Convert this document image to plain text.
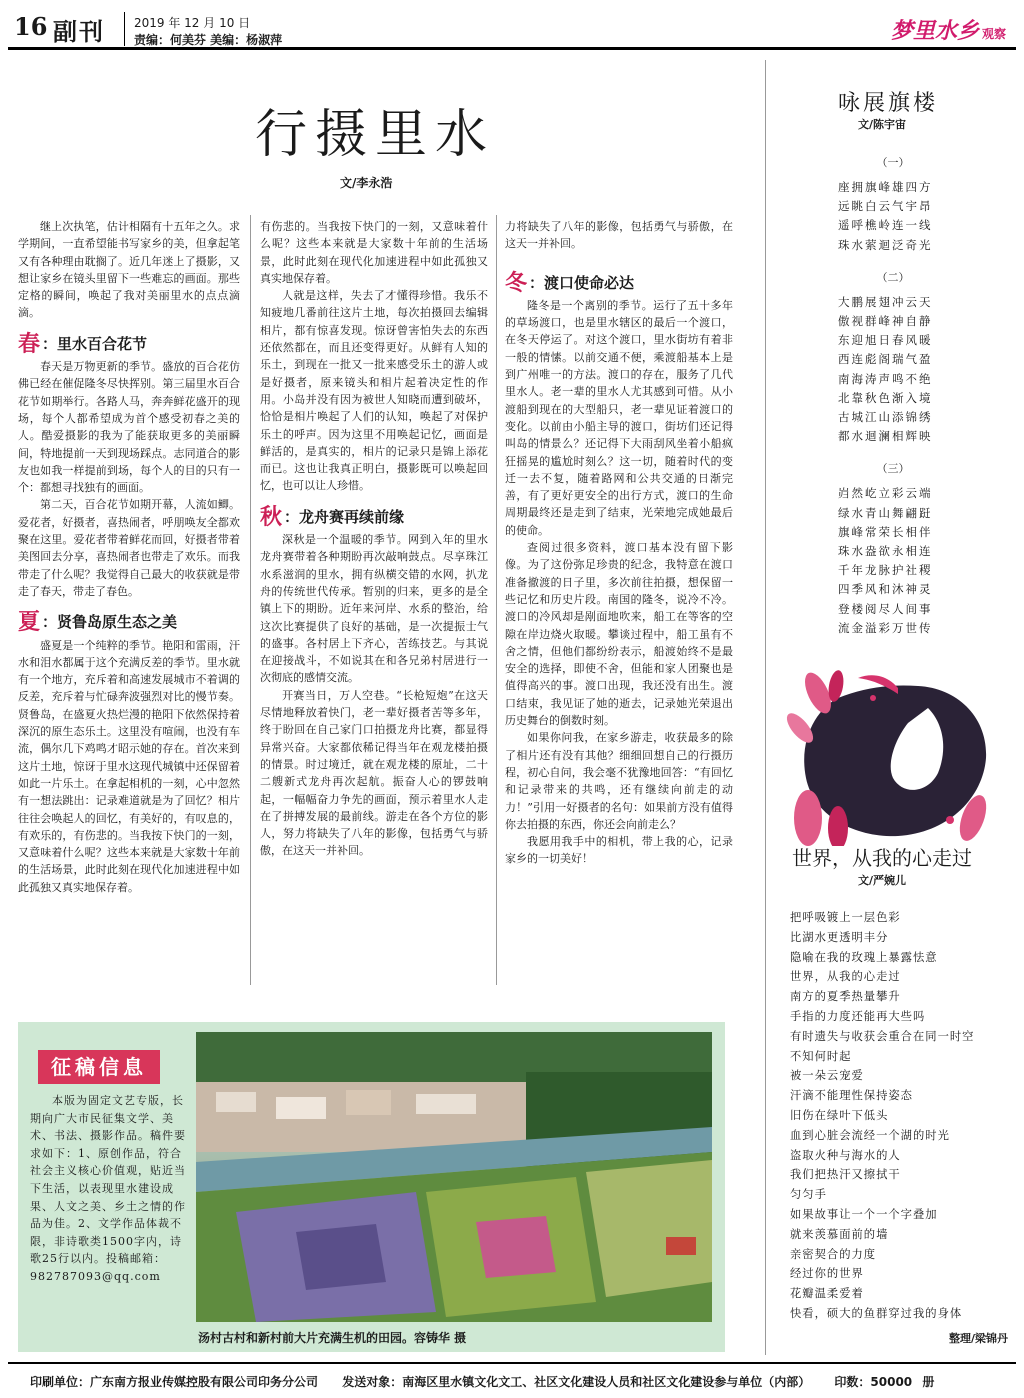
16 副刊 2019 年 12 月 10 日
责编：何美芬 美编：杨淑萍	梦里水乡 观察
行摄里水
文/李永浩

继上次执笔，估计相隔有十五年之久。求学期间，一直希望能书写家乡的美，但拿起笔又有各种理由耽搁了。近几年迷上了摄影，又想让家乡在镜头里留下一些难忘的画面。那些定格的瞬间，唤起了我对美丽里水的点点滴滴。

春 ：里水百合花节

春天是万物更新的季节。盛放的百合花仿佛已经在催促隆冬尽快挥别。第三届里水百合花节如期举行。各路人马，奔奔鲜花盛开的现场，每个人都希望成为首个感受初春之美的人。酷爱摄影的我为了能获取更多的美丽瞬间，特地提前一天到现场踩点。志同道合的影友也如我一样提前到场，每个人的目的只有一个：都想寻找独有的画面。

第二天，百合花节如期开幕，人流如鲫。爱花者，好摄者，喜热闹者，呼朋唤友全都欢聚在这里。爱花者带着鲜花而回，好摄者带着美图回去分享，喜热闹者也带走了欢乐。而我带走了什么呢？我觉得自己最大的收获就是带走了春天，带走了春色。

夏 ：贤鲁岛原生态之美

盛夏是一个纯粹的季节。艳阳和雷雨，汗水和泪水都属于这个充满反差的季节。里水就有一个地方，充斥着和高速发展城市不着调的反差，充斥着与忙碌奔波强烈对比的慢节奏。贤鲁岛，在盛夏火热烂漫的艳阳下依然保持着深沉的原生态乐土。这里没有喧闹，也没有车流，偶尔几下鸡鸣才昭示她的存在。首次来到这片土地，惊讶于里水这现代城镇中还保留着如此一片乐土。在拿起相机的一刻，心中忽然有一想法跳出：记录难道就是为了回忆？相片往往会唤起人的回忆，有美好的，有叹息的，有欢乐的，有伤悲的。当我按下快门的一刻，又意味着什么呢？这些本来就是大家数十年前的生活场景，此时此刻在现代化加速进程中如此孤独又真实地保存着。

有伤悲的。当我按下快门的一刻，又意味着什么呢？这些本来就是大家数十年前的生活场景，此时此刻在现代化加速进程中如此孤独又真实地保存着。

人就是这样，失去了才懂得珍惜。我乐不知疲地几番前往这片土地，每次拍摄回去编辑相片，都有惊喜发现。惊讶曾害怕失去的东西还依然都在，而且还变得更好。从鲜有人知的乐土，到现在一批又一批来感受乐土的游人或是好摄者，原来镜头和相片起着决定性的作用。小岛并没有因为被世人知晓而遭到破坏，恰恰是相片唤起了人们的认知，唤起了对保护乐土的呼声。因为这里不用唤起记忆，画面是鲜活的，是真实的，相片的记录只是锦上添花而已。这也让我真正明白，摄影既可以唤起回忆，也可以让人珍惜。

秋 ：龙舟赛再续前缘

深秋是一个温暖的季节。网到入年的里水龙舟赛带着各种期盼再次敲响鼓点。尽享珠江水系滋润的里水，拥有纵横交错的水网，扒龙舟的传统世代传承。暂别的归来，更多的是全镇上下的期盼。近年来河岸、水系的整治，给这次比赛提供了良好的基础，是一次提振士气的盛事。各村居上下齐心，苦练技艺。与其说在迎接战斗，不如说其在和各兄弟村居进行一次彻底的感情交流。

开赛当日，万人空巷。“长枪短炮”在这天尽情地释放着快门，老一辈好摄者苦等多年，终于盼回在自己家门口拍摄龙舟比赛，都显得异常兴奋。大家都依稀记得当年在观龙楼拍摄的情景。时过境迁，就在观龙楼的原址，二十二艘新式龙舟再次起航。振奋人心的锣鼓响起，一幅幅奋力争先的画面，预示着里水人走在了拼搏发展的最前线。游走在各个方位的影人，努力将缺失了八年的影像，包括勇气与骄傲，在这天一并补回。

力将缺失了八年的影像，包括勇气与骄傲，在这天一并补回。

冬 ：渡口使命必达

隆冬是一个离别的季节。运行了五十多年的草场渡口，也是里水辖区的最后一个渡口，在冬天停运了。对这个渡口，里水街坊有着非一般的情愫。以前交通不便，乘渡船基本上是到广州唯一的方法。渡口的存在，服务了几代里水人。老一辈的里水人尤其感到可惜。从小渡船到现在的大型船只，老一辈见证着渡口的变化。以前由小船主导的渡口，街坊们还记得叫岛的情景么？还记得下大雨刮风坐着小船疯狂摇晃的尴尬时刻么？这一切，随着时代的变迁一去不复，随着路网和公共交通的日渐完善，有了更好更安全的出行方式，渡口的生命周期最终还是走到了结束，光荣地完成她最后的使命。

查阅过很多资料，渡口基本没有留下影像。为了这份弥足珍贵的纪念，我特意在渡口准备撤渡的日子里，多次前往拍摄，想保留一些记忆和历史片段。南国的隆冬，说冷不冷。渡口的冷风却是剐面地吹来，船工在等客的空隙在岸边烧火取暖。攀谈过程中，船工虽有不舍之情，但他们都纷纷表示，船渡始终不是最安全的选择，即使不舍，但能和家人团聚也是值得高兴的事。渡口出现，我还没有出生。渡口结束，我见证了她的逝去，记录她光荣退出历史舞台的倒数时刻。

如果你问我，在家乡游走，收获最多的除了相片还有没有其他？细细回想自己的行摄历程，初心自问，我会毫不犹豫地回答：“有回忆和记录带来的共鸣，还有继续向前走的动力！”引用一好摄者的名句：如果前方没有值得你去拍摄的东西，你还会向前走么？

我愿用我手中的相机，带上我的心，记录家乡的一切美好！

咏展旗楼
文/陈宇宙
（一）
座拥旗峰雄四方
远眺白云气宇昂
遥呼樵岭连一线
珠水萦迴泛奇光
（二）
大鹏展翅冲云天
傲视群峰神自静
东迎旭日春风暖
西连彪阁瑞气盈
南海涛声鸣不绝
北靠秋色渐入境
古城江山添锦绣
都水迴澜相辉映
（三）
岿然屹立彩云端
绿水青山舞翩跹
旗峰常荣长相伴
珠水盎欲永相连
千年龙脉护社稷
四季风和沐神灵
登楼阅尽人间事
流金溢彩万世传
世界，从我的心走过
文/严婉儿
把呼吸镀上一层色彩
比湖水更透明丰分
隐喻在我的玫瑰上暴露怯意
世界，从我的心走过
南方的夏季热量攀升
手指的力度还能再大些吗
有时遗失与收获会重合在同一时空
不知何时起
被一朵云宠爱
汗滴不能理性保持姿态
旧伤在绿叶下低头
血到心脏会流经一个湖的时光
盗取火种与海水的人
我们把热汗又擦拭干
匀匀手
如果故事让一个一个字叠加
就来羡慕面前的墙
亲密契合的力度
经过你的世界
花瓣温柔爱着
快看，硕大的鱼群穿过我的身体
整理/梁锦丹
征稿信息

本版为固定文艺专版，长期向广大市民征集文学、美术、书法、摄影作品。稿件要求如下：1、原创作品，符合社会主义核心价值观，贴近当下生活，以表现里水建设成果、人文之美、乡土之情的作品为佳。2、文学作品体裁不限，非诗歌类1500字内，诗歌25行以内。投稿邮箱：982787093@qq.com

汤村古村和新村前大片充满生机的田园。容铸华 摄
印刷单位：广东南方报业传媒控股有限公司印务分公司 发送对象：南海区里水镇文化文工、社区文化建设人员和社区文化建设参与单位（内部） 印数：50000 册
